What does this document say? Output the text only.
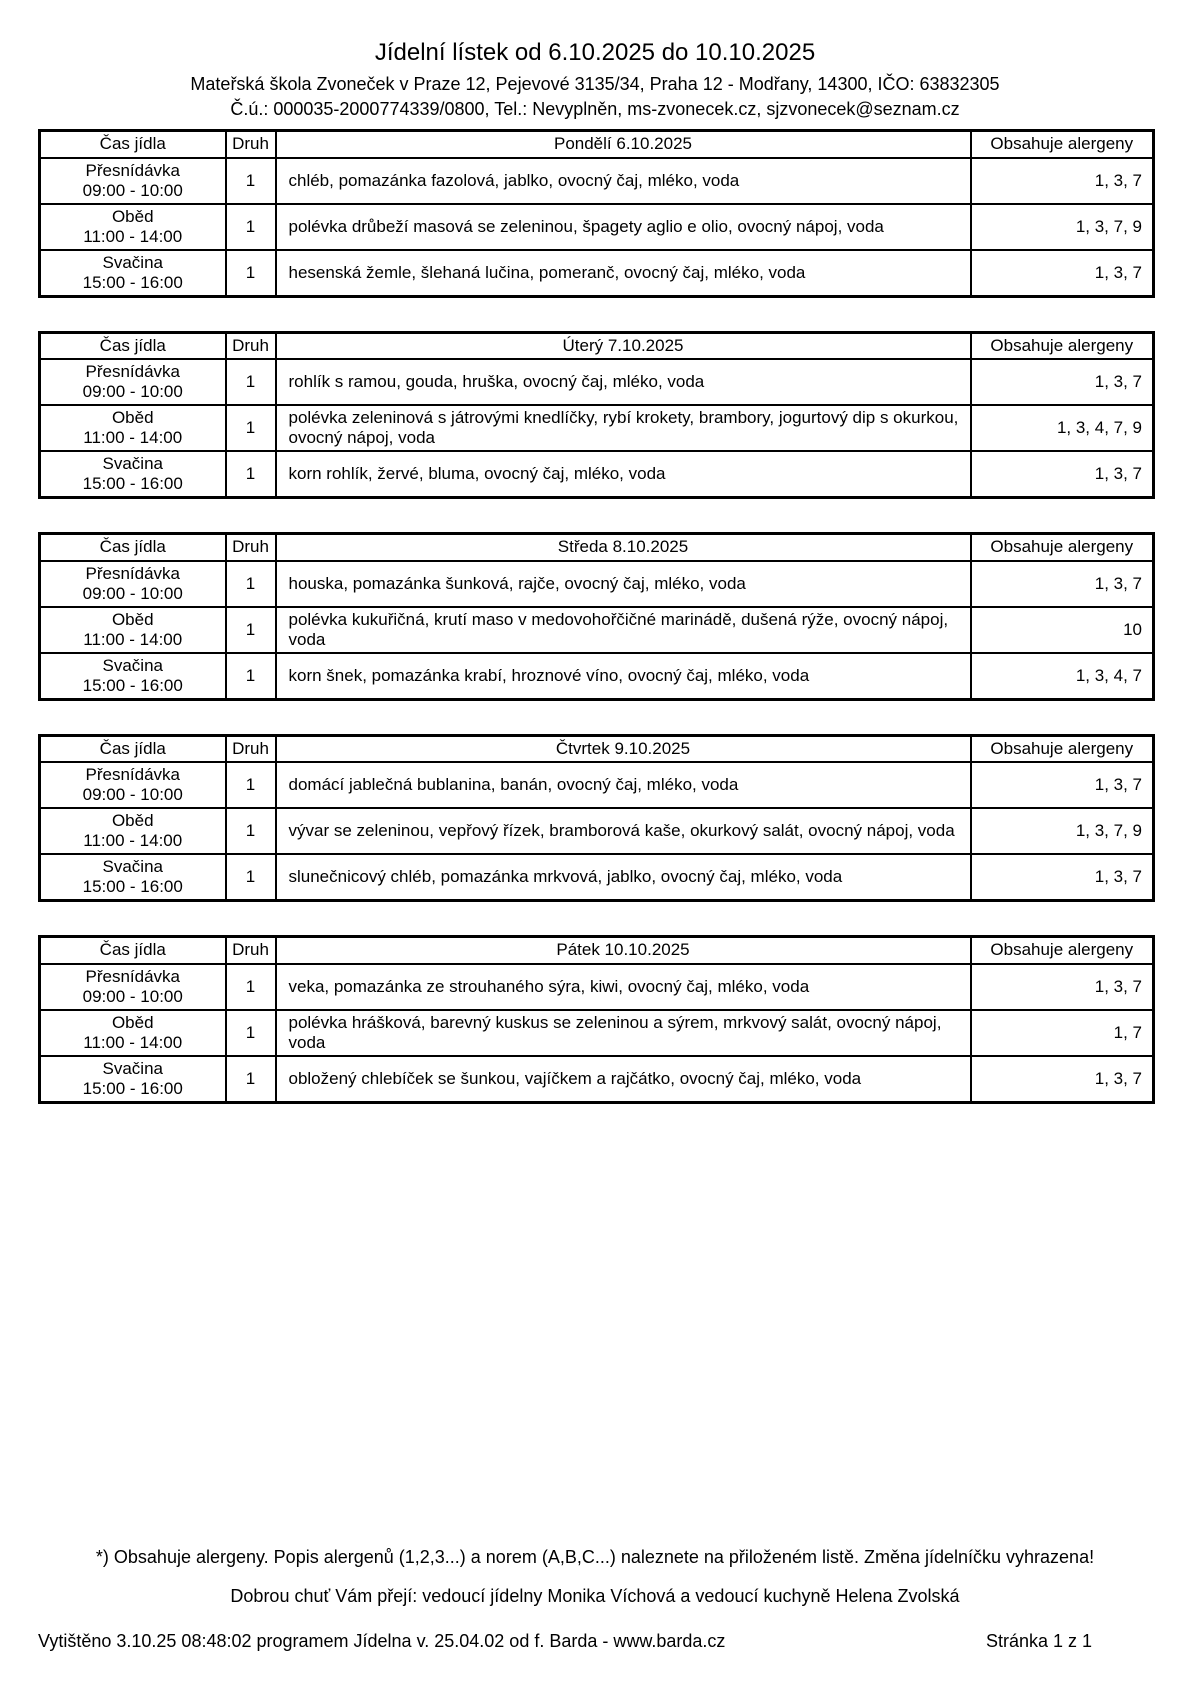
Jídelní lístek od 6.10.2025 do 10.10.2025
Mateřská škola Zvoneček v Praze 12, Pejevové 3135/34, Praha 12 - Modřany, 14300, IČO: 63832305
Č.ú.: 000035-2000774339/0800, Tel.: Nevyplněn, ms-zvonecek.cz, sjzvonecek@seznam.cz
Čas jídla	Druh	Pondělí 6.10.2025	Obsahuje alergeny

Přesnídávka
09:00 - 10:00	1	chléb, pomazánka fazolová, jablko, ovocný čaj, mléko, voda	1, 3, 7

Oběd
11:00 - 14:00	1	polévka drůbeží masová se zeleninou, špagety aglio e olio, ovocný nápoj, voda	1, 3, 7, 9

Svačina
15:00 - 16:00	1	hesenská žemle, šlehaná lučina, pomeranč, ovocný čaj, mléko, voda	1, 3, 7
Čas jídla	Druh	Úterý 7.10.2025	Obsahuje alergeny

Přesnídávka
09:00 - 10:00	1	rohlík s ramou, gouda, hruška, ovocný čaj, mléko, voda	1, 3, 7

Oběd
11:00 - 14:00	1	polévka zeleninová s játrovými knedlíčky, rybí krokety, brambory, jogurtový dip s okurkou, ovocný nápoj, voda	1, 3, 4, 7, 9

Svačina
15:00 - 16:00	1	korn rohlík, žervé, bluma, ovocný čaj, mléko, voda	1, 3, 7
Čas jídla	Druh	Středa 8.10.2025	Obsahuje alergeny

Přesnídávka
09:00 - 10:00	1	houska, pomazánka šunková, rajče, ovocný čaj, mléko, voda	1, 3, 7

Oběd
11:00 - 14:00	1	polévka kukuřičná, krutí maso v medovohořčičné marinádě, dušená rýže, ovocný nápoj, voda	10

Svačina
15:00 - 16:00	1	korn šnek, pomazánka krabí, hroznové víno, ovocný čaj, mléko, voda	1, 3, 4, 7
Čas jídla	Druh	Čtvrtek 9.10.2025	Obsahuje alergeny

Přesnídávka
09:00 - 10:00	1	domácí jablečná bublanina, banán, ovocný čaj, mléko, voda	1, 3, 7

Oběd
11:00 - 14:00	1	vývar se zeleninou, vepřový řízek, bramborová kaše, okurkový salát, ovocný nápoj, voda	1, 3, 7, 9

Svačina
15:00 - 16:00	1	slunečnicový chléb, pomazánka mrkvová, jablko, ovocný čaj, mléko, voda	1, 3, 7
Čas jídla	Druh	Pátek 10.10.2025	Obsahuje alergeny

Přesnídávka
09:00 - 10:00	1	veka, pomazánka ze strouhaného sýra, kiwi, ovocný čaj, mléko, voda	1, 3, 7

Oběd
11:00 - 14:00	1	polévka hrášková, barevný kuskus se zeleninou a sýrem, mrkvový salát, ovocný nápoj, voda	1, 7

Svačina
15:00 - 16:00	1	obložený chlebíček se šunkou, vajíčkem a rajčátko, ovocný čaj, mléko, voda	1, 3, 7
*) Obsahuje alergeny. Popis alergenů (1,2,3...) a norem (A,B,C...) naleznete na přiloženém listě. Změna jídelníčku vyhrazena!
Dobrou chuť Vám přejí: vedoucí jídelny Monika Víchová a vedoucí kuchyně Helena Zvolská
Vytištěno 3.10.25 08:48:02 programem Jídelna v. 25.04.02 od f. Barda - www.barda.cz	Stránka 1 z 1
